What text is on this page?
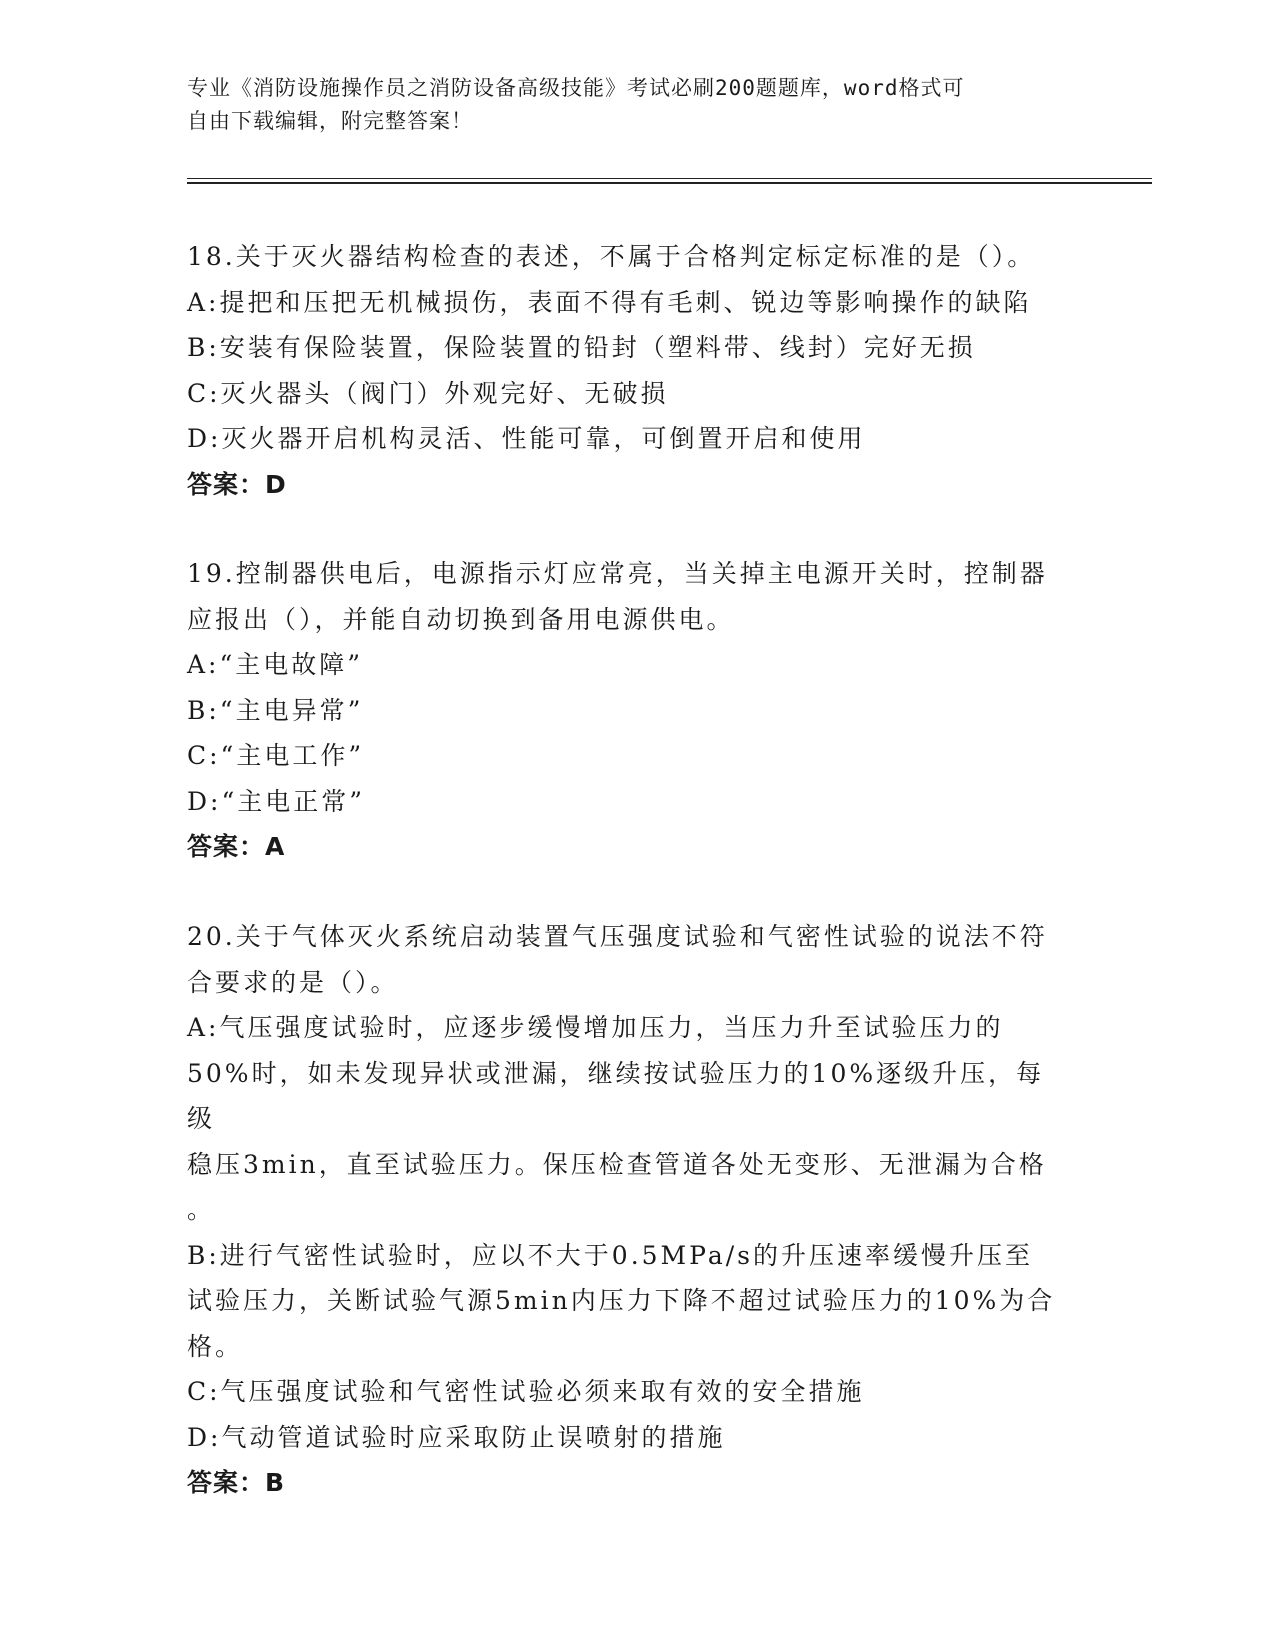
专业《消防设施操作员之消防设备高级技能》考试必刷200题题库，word格式可
自由下载编辑，附完整答案！

18.关于灭火器结构检查的表述，不属于合格判定标定标准的是（）。

A:提把和压把无机械损伤，表面不得有毛刺、锐边等影响操作的缺陷

B:安装有保险装置，保险装置的铅封（塑料带、线封）完好无损

C:灭火器头（阀门）外观完好、无破损

D:灭火器开启机构灵活、性能可靠，可倒置开启和使用

答案：D

19.控制器供电后，电源指示灯应常亮，当关掉主电源开关时，控制器

应报出（），并能自动切换到备用电源供电。

A:“主电故障”

B:“主电异常”

C:“主电工作”

D:“主电正常”

答案：A

20.关于气体灭火系统启动装置气压强度试验和气密性试验的说法不符

合要求的是（）。

A:气压强度试验时，应逐步缓慢增加压力，当压力升至试验压力的

50%时，如未发现异状或泄漏，继续按试验压力的10%逐级升压，每级

稳压3min，直至试验压力。保压检查管道各处无变形、无泄漏为合格

。

B:进行气密性试验时，应以不大于0.5MPa/s的升压速率缓慢升压至

试验压力，关断试验气源5min内压力下降不超过试验压力的10%为合

格。

C:气压强度试验和气密性试验必须来取有效的安全措施

D:气动管道试验时应采取防止误喷射的措施

答案：B
